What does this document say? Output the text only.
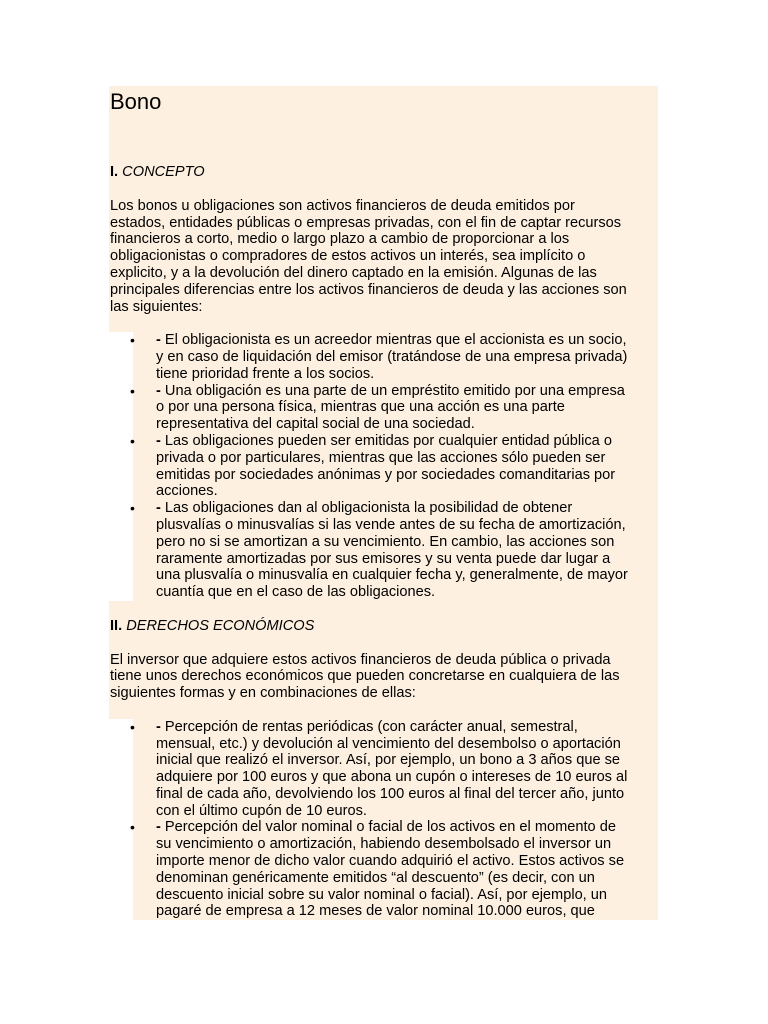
Bono
I. CONCEPTO

Los bonos u obligaciones son activos financieros de deuda emitidos por
estados, entidades públicas o empresas privadas, con el fin de captar recursos
financieros a corto, medio o largo plazo a cambio de proporcionar a los
obligacionistas o compradores de estos activos un interés, sea implícito o
explicito, y a la devolución del dinero captado en la emisión. Algunas de las
principales diferencias entre los activos financieros de deuda y las acciones son
las siguientes:

• - El obligacionista es un acreedor mientras que el accionista es un socio,
y en caso de liquidación del emisor (tratándose de una empresa privada)
tiene prioridad frente a los socios.
• - Una obligación es una parte de un empréstito emitido por una empresa
o por una persona física, mientras que una acción es una parte
representativa del capital social de una sociedad.
• - Las obligaciones pueden ser emitidas por cualquier entidad pública o
privada o por particulares, mientras que las acciones sólo pueden ser
emitidas por sociedades anónimas y por sociedades comanditarias por
acciones.
• - Las obligaciones dan al obligacionista la posibilidad de obtener
plusvalías o minusvalías si las vende antes de su fecha de amortización,
pero no si se amortizan a su vencimiento. En cambio, las acciones son
raramente amortizadas por sus emisores y su venta puede dar lugar a
una plusvalía o minusvalía en cualquier fecha y, generalmente, de mayor
cuantía que en el caso de las obligaciones.
II. DERECHOS ECONÓMICOS

El inversor que adquiere estos activos financieros de deuda pública o privada
tiene unos derechos económicos que pueden concretarse en cualquiera de las
siguientes formas y en combinaciones de ellas:

• - Percepción de rentas periódicas (con carácter anual, semestral,
mensual, etc.) y devolución al vencimiento del desembolso o aportación
inicial que realizó el inversor. Así, por ejemplo, un bono a 3 años que se
adquiere por 100 euros y que abona un cupón o intereses de 10 euros al
final de cada año, devolviendo los 100 euros al final del tercer año, junto
con el último cupón de 10 euros.
• - Percepción del valor nominal o facial de los activos en el momento de
su vencimiento o amortización, habiendo desembolsado el inversor un
importe menor de dicho valor cuando adquirió el activo. Estos activos se
denominan genéricamente emitidos “al descuento” (es decir, con un
descuento inicial sobre su valor nominal o facial). Así, por ejemplo, un
pagaré de empresa a 12 meses de valor nominal 10.000 euros, que
